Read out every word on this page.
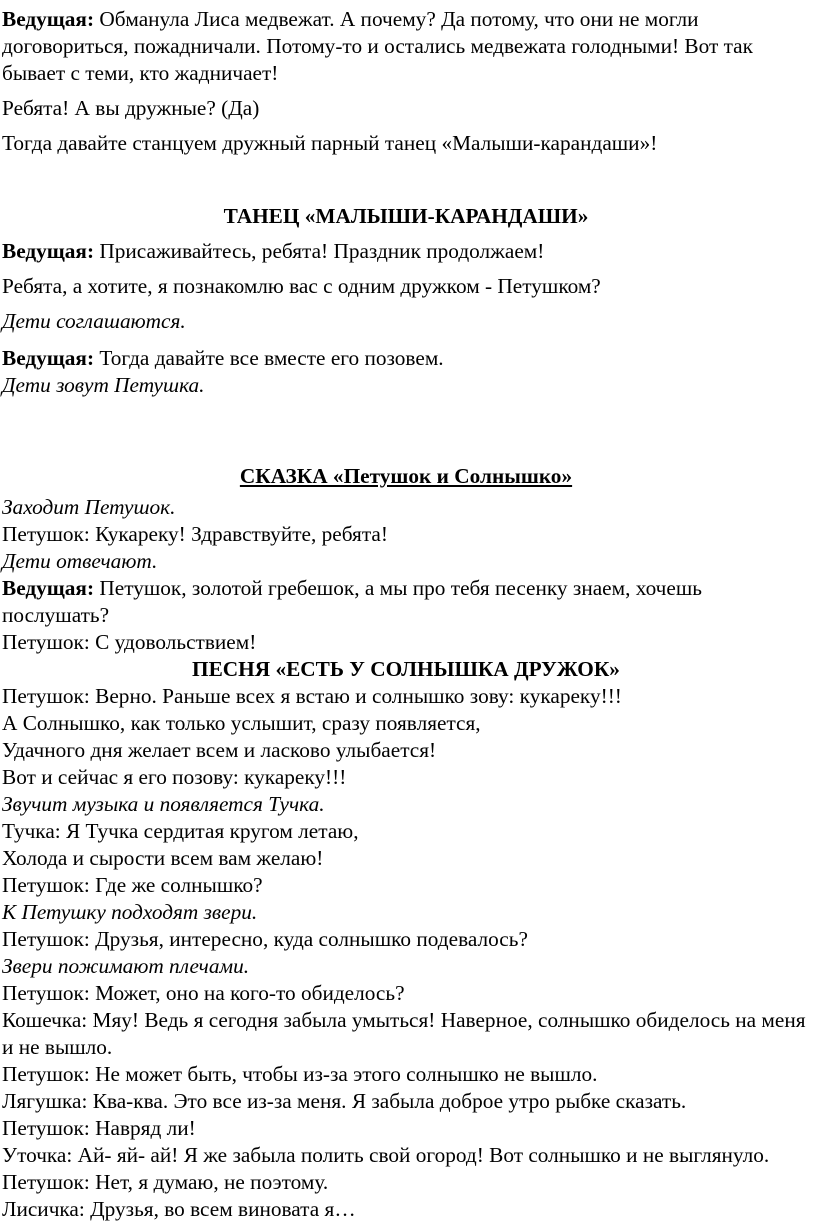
Ведущая: Обманула Лиса медвежат. А почему? Да потому, что они не могли договориться, пожадничали. Потому-то и остались медвежата голодными! Вот так бывает с теми, кто жадничает!

Ребята! А вы дружные? (Да)

Тогда давайте станцуем дружный парный танец «Малыши-карандаши»!

ТАНЕЦ «МАЛЫШИ-КАРАНДАШИ»

Ведущая: Присаживайтесь, ребята! Праздник продолжаем!

Ребята, а хотите, я познакомлю вас с одним дружком - Петушком?

Дети соглашаются.

Ведущая: Тогда давайте все вместе его позовем.

Дети зовут Петушка.

СКАЗКА «Петушок и Солнышко»

Заходит Петушок.

Петушок: Кукареку! Здравствуйте, ребята!

Дети отвечают.

Ведущая: Петушок, золотой гребешок, а мы про тебя песенку знаем, хочешь послушать?

Петушок: С удовольствием!

ПЕСНЯ «ЕСТЬ У СОЛНЫШКА ДРУЖОК»

Петушок: Верно. Раньше всех я встаю и солнышко зову: кукареку!!!

А Солнышко, как только услышит, сразу появляется,

Удачного дня желает всем и ласково улыбается!

Вот и сейчас я его позову: кукареку!!!

Звучит музыка и появляется Тучка.

Тучка: Я Тучка сердитая кругом летаю,

Холода и сырости всем вам желаю!

Петушок: Где же солнышко?

К Петушку подходят звери.

Петушок: Друзья, интересно, куда солнышко подевалось?

Звери пожимают плечами.

Петушок: Может, оно на кого-то обиделось?

Кошечка: Мяу! Ведь я сегодня забыла умыться! Наверное, солнышко обиделось на меня и не вышло.

Петушок: Не может быть, чтобы из-за этого солнышко не вышло.

Лягушка: Ква-ква. Это все из-за меня. Я забыла доброе утро рыбке сказать.

Петушок: Навряд ли!

Уточка: Ай- яй- ай! Я же забыла полить свой огород! Вот солнышко и не выглянуло.

Петушок: Нет, я думаю, не поэтому.

Лисичка: Друзья, во всем виновата я…
